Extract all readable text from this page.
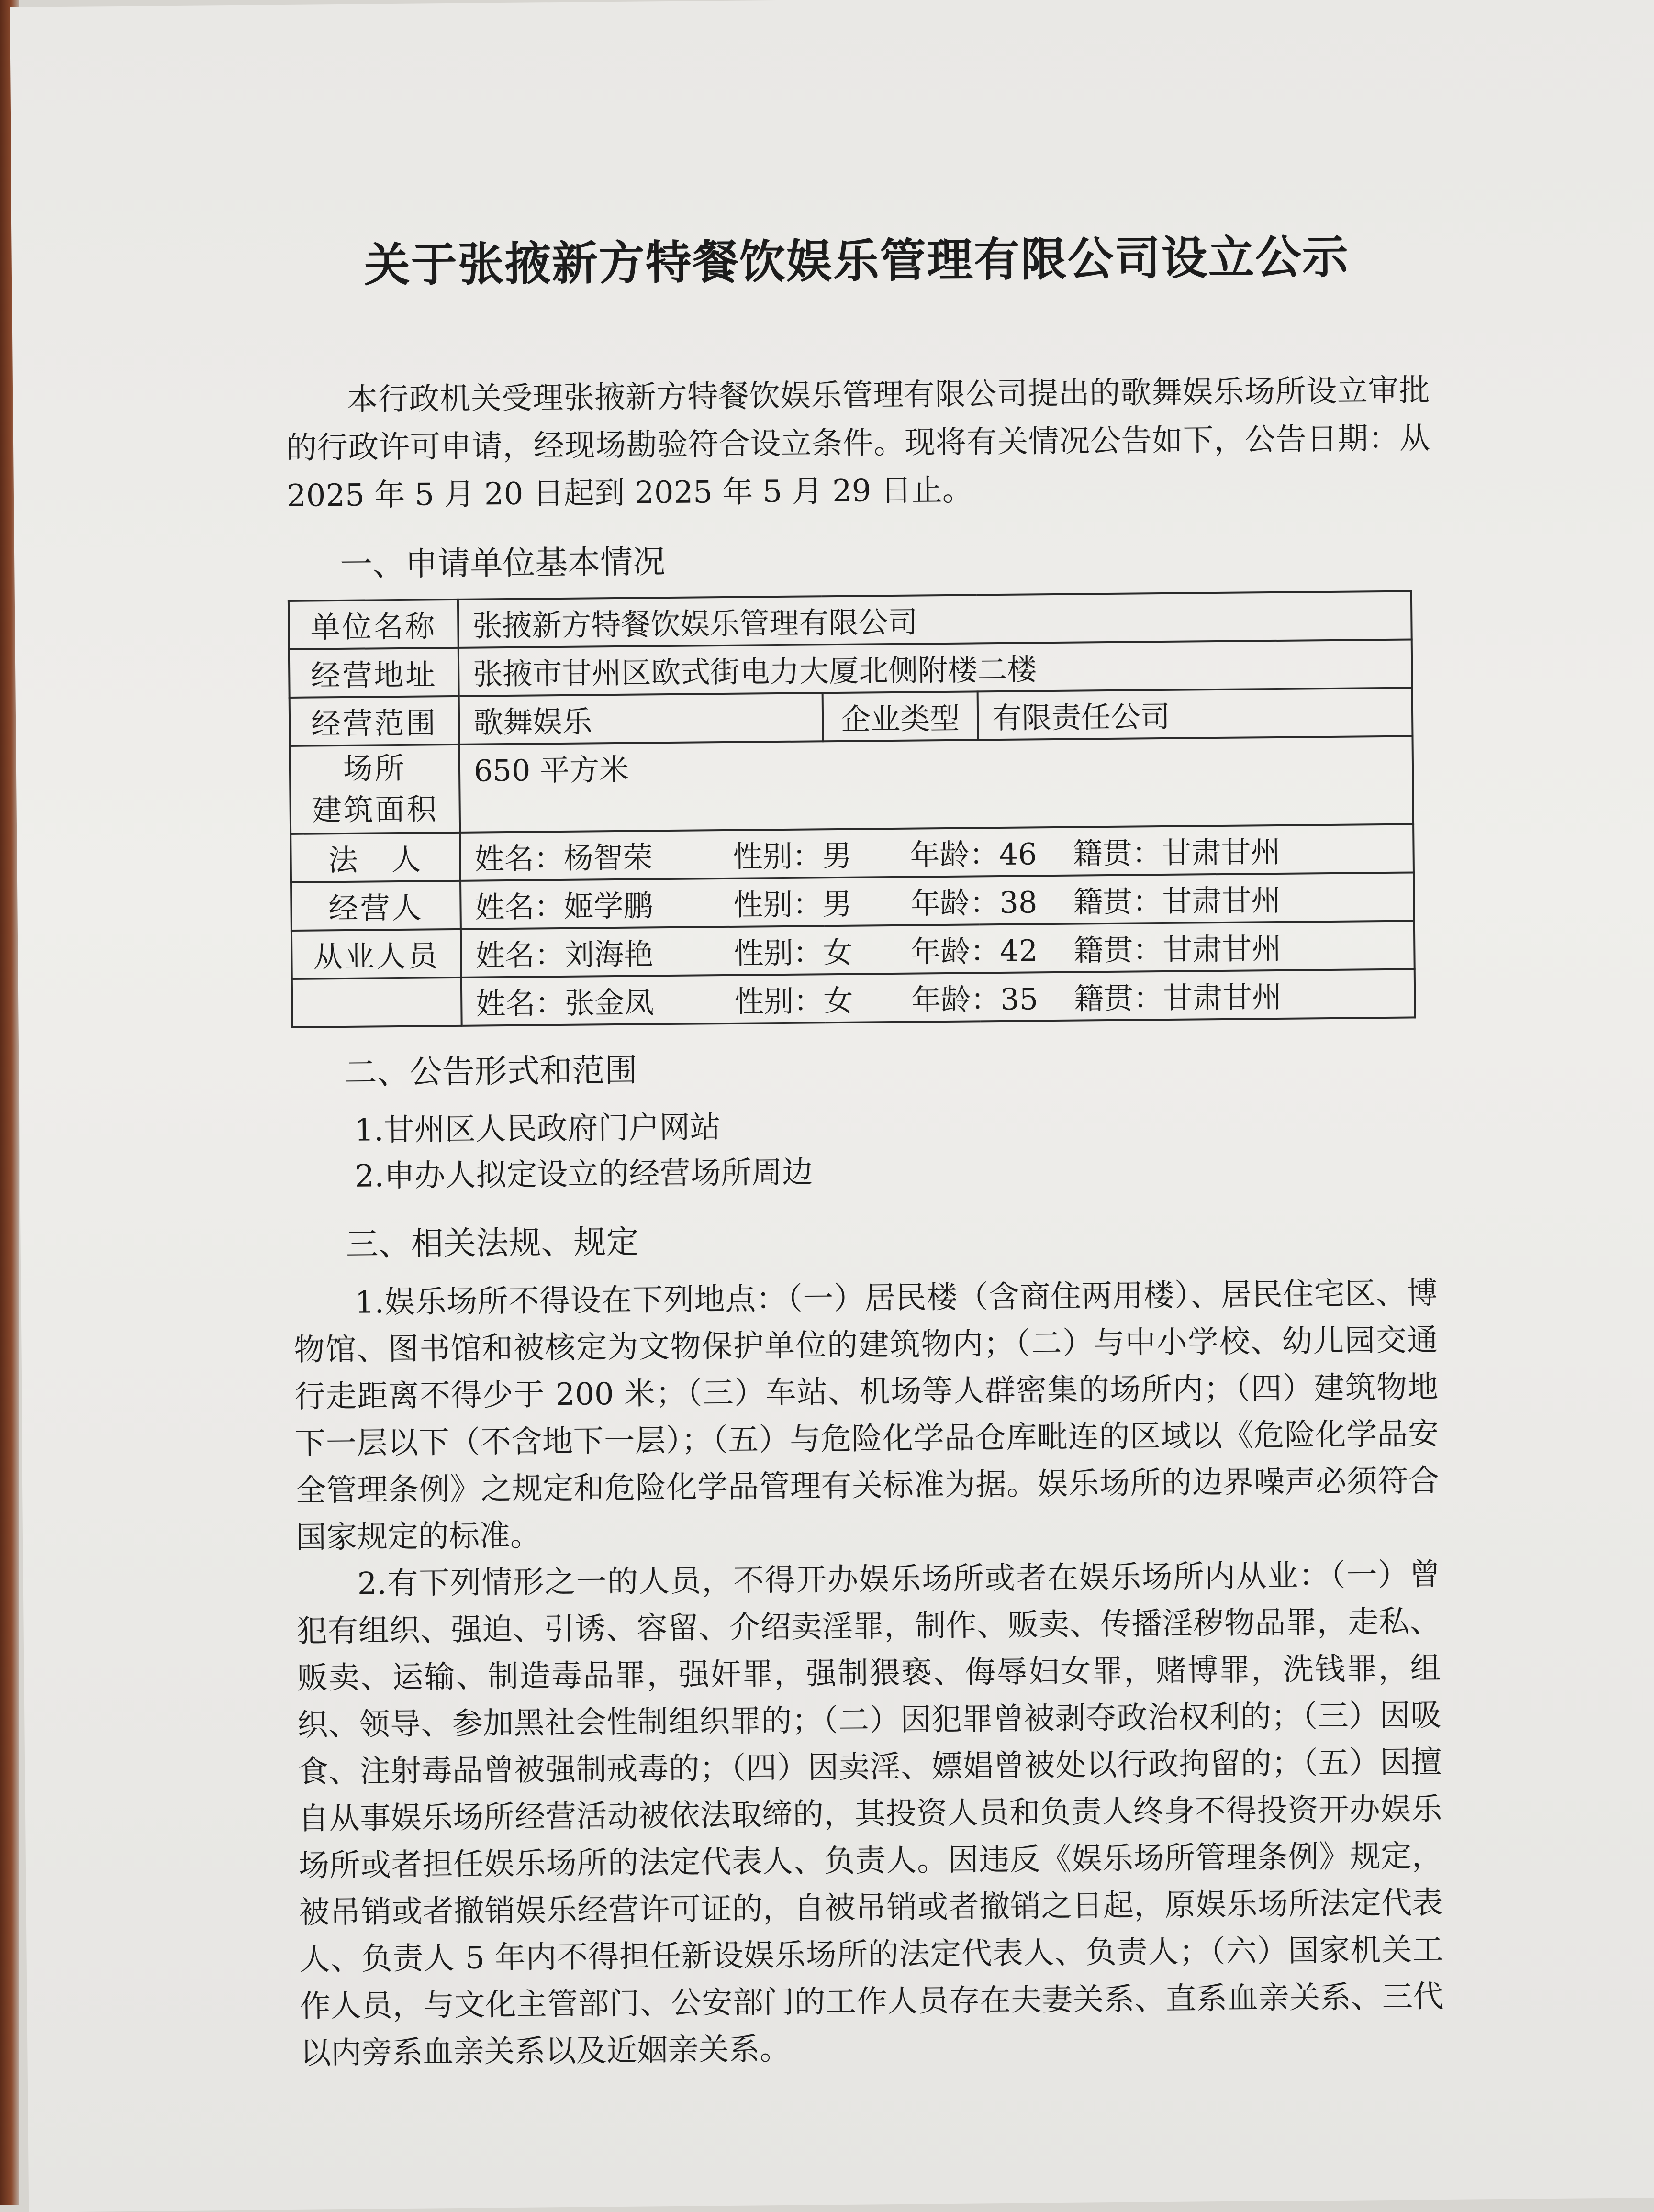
关于张掖新方特餐饮娱乐管理有限公司设立公示

本行政机关受理张掖新方特餐饮娱乐管理有限公司提出的歌舞娱乐场所设立审批的行政许可申请，经现场勘验符合设立条件。现将有关情况公告如下，公告日期：从 2025 年 5 月 20 日起到 2025 年 5 月 29 日止。

一、申请单位基本情况
单位名称	张掖新方特餐饮娱乐管理有限公司		
经营地址	张掖市甘州区欧式街电力大厦北侧附楼二楼		
经营范围	歌舞娱乐	企业类型	有限责任公司

场所
建筑面积	650 平方米		
法　人	姓名：杨智荣 性别：男 年龄：46 籍贯：甘肃甘州		
经营人	姓名：姬学鹏 性别：男 年龄：38 籍贯：甘肃甘州		
从业人员	姓名：刘海艳 性别：女 年龄：42 籍贯：甘肃甘州		
	姓名：张金凤 性别：女 年龄：35 籍贯：甘肃甘州		
二、公告形式和范围
1.甘州区人民政府门户网站
2.申办人拟定设立的经营场所周边
三、相关法规、规定

1.娱乐场所不得设在下列地点：（一）居民楼（含商住两用楼）、居民住宅区、博物馆、图书馆和被核定为文物保护单位的建筑物内；（二）与中小学校、幼儿园交通行走距离不得少于 200 米；（三）车站、机场等人群密集的场所内；（四）建筑物地下一层以下（不含地下一层）；（五）与危险化学品仓库毗连的区域以《危险化学品安全管理条例》之规定和危险化学品管理有关标准为据。娱乐场所的边界噪声必须符合国家规定的标准。

2.有下列情形之一的人员，不得开办娱乐场所或者在娱乐场所内从业：（一）曾犯有组织、强迫、引诱、容留、介绍卖淫罪，制作、贩卖、传播淫秽物品罪，走私、贩卖、运输、制造毒品罪，强奸罪，强制猥亵、侮辱妇女罪，赌博罪，洗钱罪，组织、领导、参加黑社会性制组织罪的；（二）因犯罪曾被剥夺政治权利的；（三）因吸食、注射毒品曾被强制戒毒的；（四）因卖淫、嫖娼曾被处以行政拘留的；（五）因擅自从事娱乐场所经营活动被依法取缔的，其投资人员和负责人终身不得投资开办娱乐场所或者担任娱乐场所的法定代表人、负责人。因违反《娱乐场所管理条例》规定，被吊销或者撤销娱乐经营许可证的，自被吊销或者撤销之日起，原娱乐场所法定代表人、负责人 5 年内不得担任新设娱乐场所的法定代表人、负责人；（六）国家机关工作人员，与文化主管部门、公安部门的工作人员存在夫妻关系、直系血亲关系、三代以内旁系血亲关系以及近姻亲关系。
